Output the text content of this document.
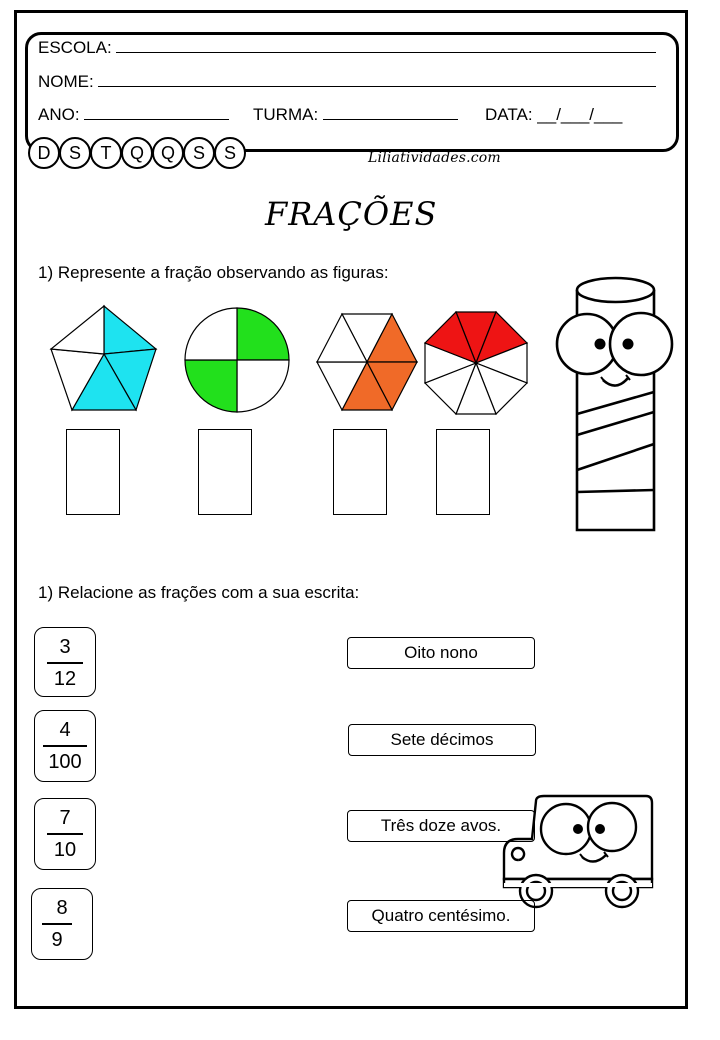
ESCOLA:
NOME:
ANO:	TURMA:	DATA: __/___/___
D	S	T	Q Q S	S	Liliatividades.com
FRAÇÕES
1) Represente a fração observando as figuras:
1) Relacione as frações com a sua escrita:
3
12
4
100
7
10
8
9
Oito nono
Sete décimos
Três doze avos.
Quatro centésimo.
